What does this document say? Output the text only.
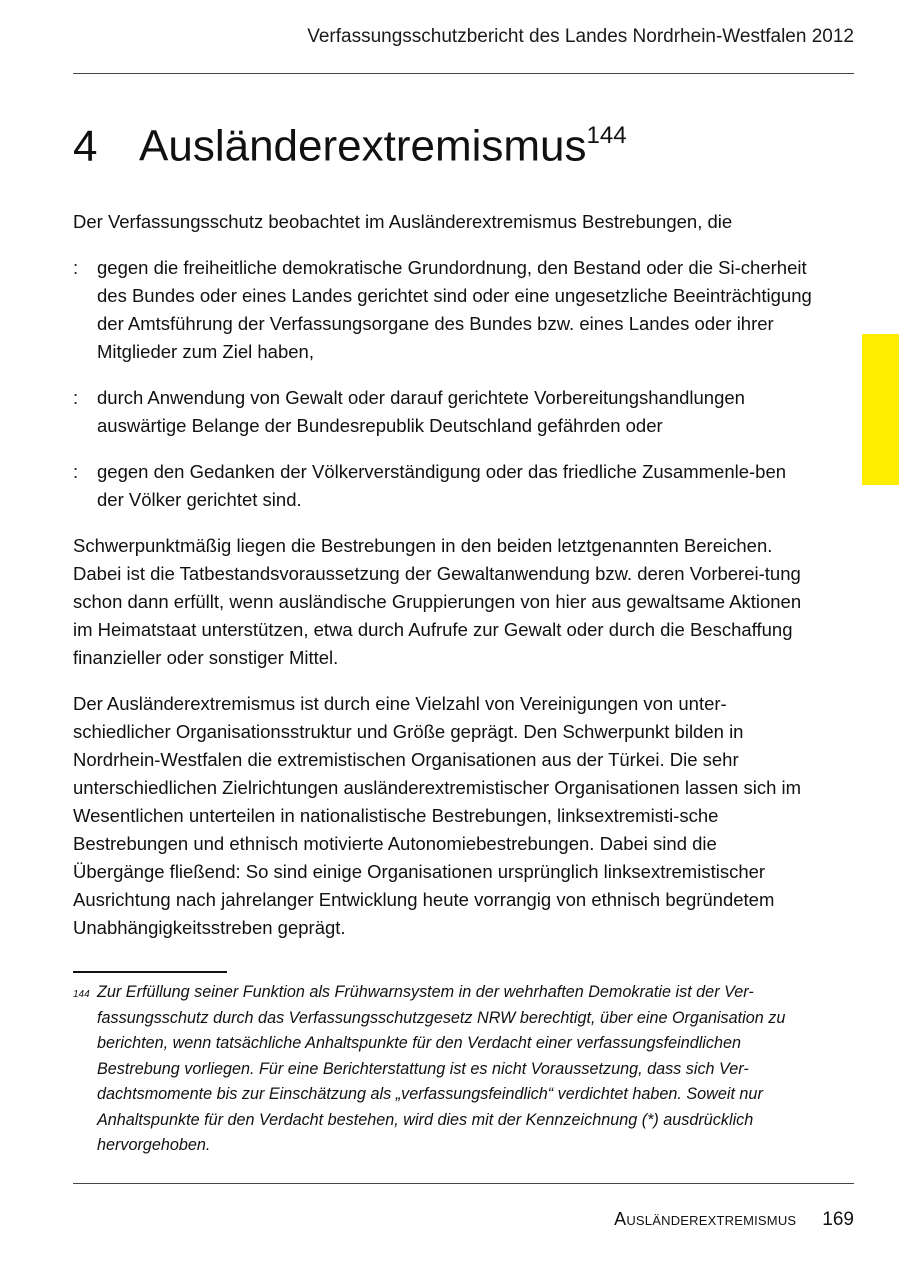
Verfassungsschutzbericht des Landes Nordrhein-Westfalen 2012
4 Ausländerextremismus$^{144}$

Der Verfassungsschutz beobachtet im Ausländerextremismus Bestrebungen, die

: gegen die freiheitliche demokratische Grundordnung, den Bestand oder die Si-cherheit des Bundes oder eines Landes gerichtet sind oder eine ungesetzliche Beeinträchtigung der Amtsführung der Verfassungsorgane des Bundes bzw. eines Landes oder ihrer Mitglieder zum Ziel haben,
: durch Anwendung von Gewalt oder darauf gerichtete Vorbereitungshandlungen auswärtige Belange der Bundesrepublik Deutschland gefährden oder
: gegen den Gedanken der Völkerverständigung oder das friedliche Zusammenle-ben der Völker gerichtet sind.

Schwerpunktmäßig liegen die Bestrebungen in den beiden letztgenannten Bereichen. Dabei ist die Tatbestandsvoraussetzung der Gewaltanwendung bzw. deren Vorberei-tung schon dann erfüllt, wenn ausländische Gruppierungen von hier aus gewaltsame Aktionen im Heimatstaat unterstützen, etwa durch Aufrufe zur Gewalt oder durch die Beschaffung finanzieller oder sonstiger Mittel.

Der Ausländerextremismus ist durch eine Vielzahl von Vereinigungen von unter-schiedlicher Organisationsstruktur und Größe geprägt. Den Schwerpunkt bilden in Nordrhein-Westfalen die extremistischen Organisationen aus der Türkei. Die sehr unterschiedlichen Zielrichtungen ausländerextremistischer Organisationen lassen sich im Wesentlichen unterteilen in nationalistische Bestrebungen, linksextremisti-sche Bestrebungen und ethnisch motivierte Autonomiebestrebungen. Dabei sind die Übergänge fließend: So sind einige Organisationen ursprünglich linksextremistischer Ausrichtung nach jahrelanger Entwicklung heute vorrangig von ethnisch begründetem Unabhängigkeitsstreben geprägt.

144 Zur Erfüllung seiner Funktion als Frühwarnsystem in der wehrhaften Demokratie ist der Ver-fassungsschutz durch das Verfassungsschutzgesetz NRW berechtigt, über eine Organisation zu berichten, wenn tatsächliche Anhaltspunkte für den Verdacht einer verfassungsfeindlichen Bestrebung vorliegen. Für eine Berichterstattung ist es nicht Voraussetzung, dass sich Ver-dachtsmomente bis zur Einschätzung als „verfassungsfeindlich“ verdichtet haben. Soweit nur Anhaltspunkte für den Verdacht bestehen, wird dies mit der Kennzeichnung (*) ausdrücklich hervorgehoben.
Ausländerextremismus 169
